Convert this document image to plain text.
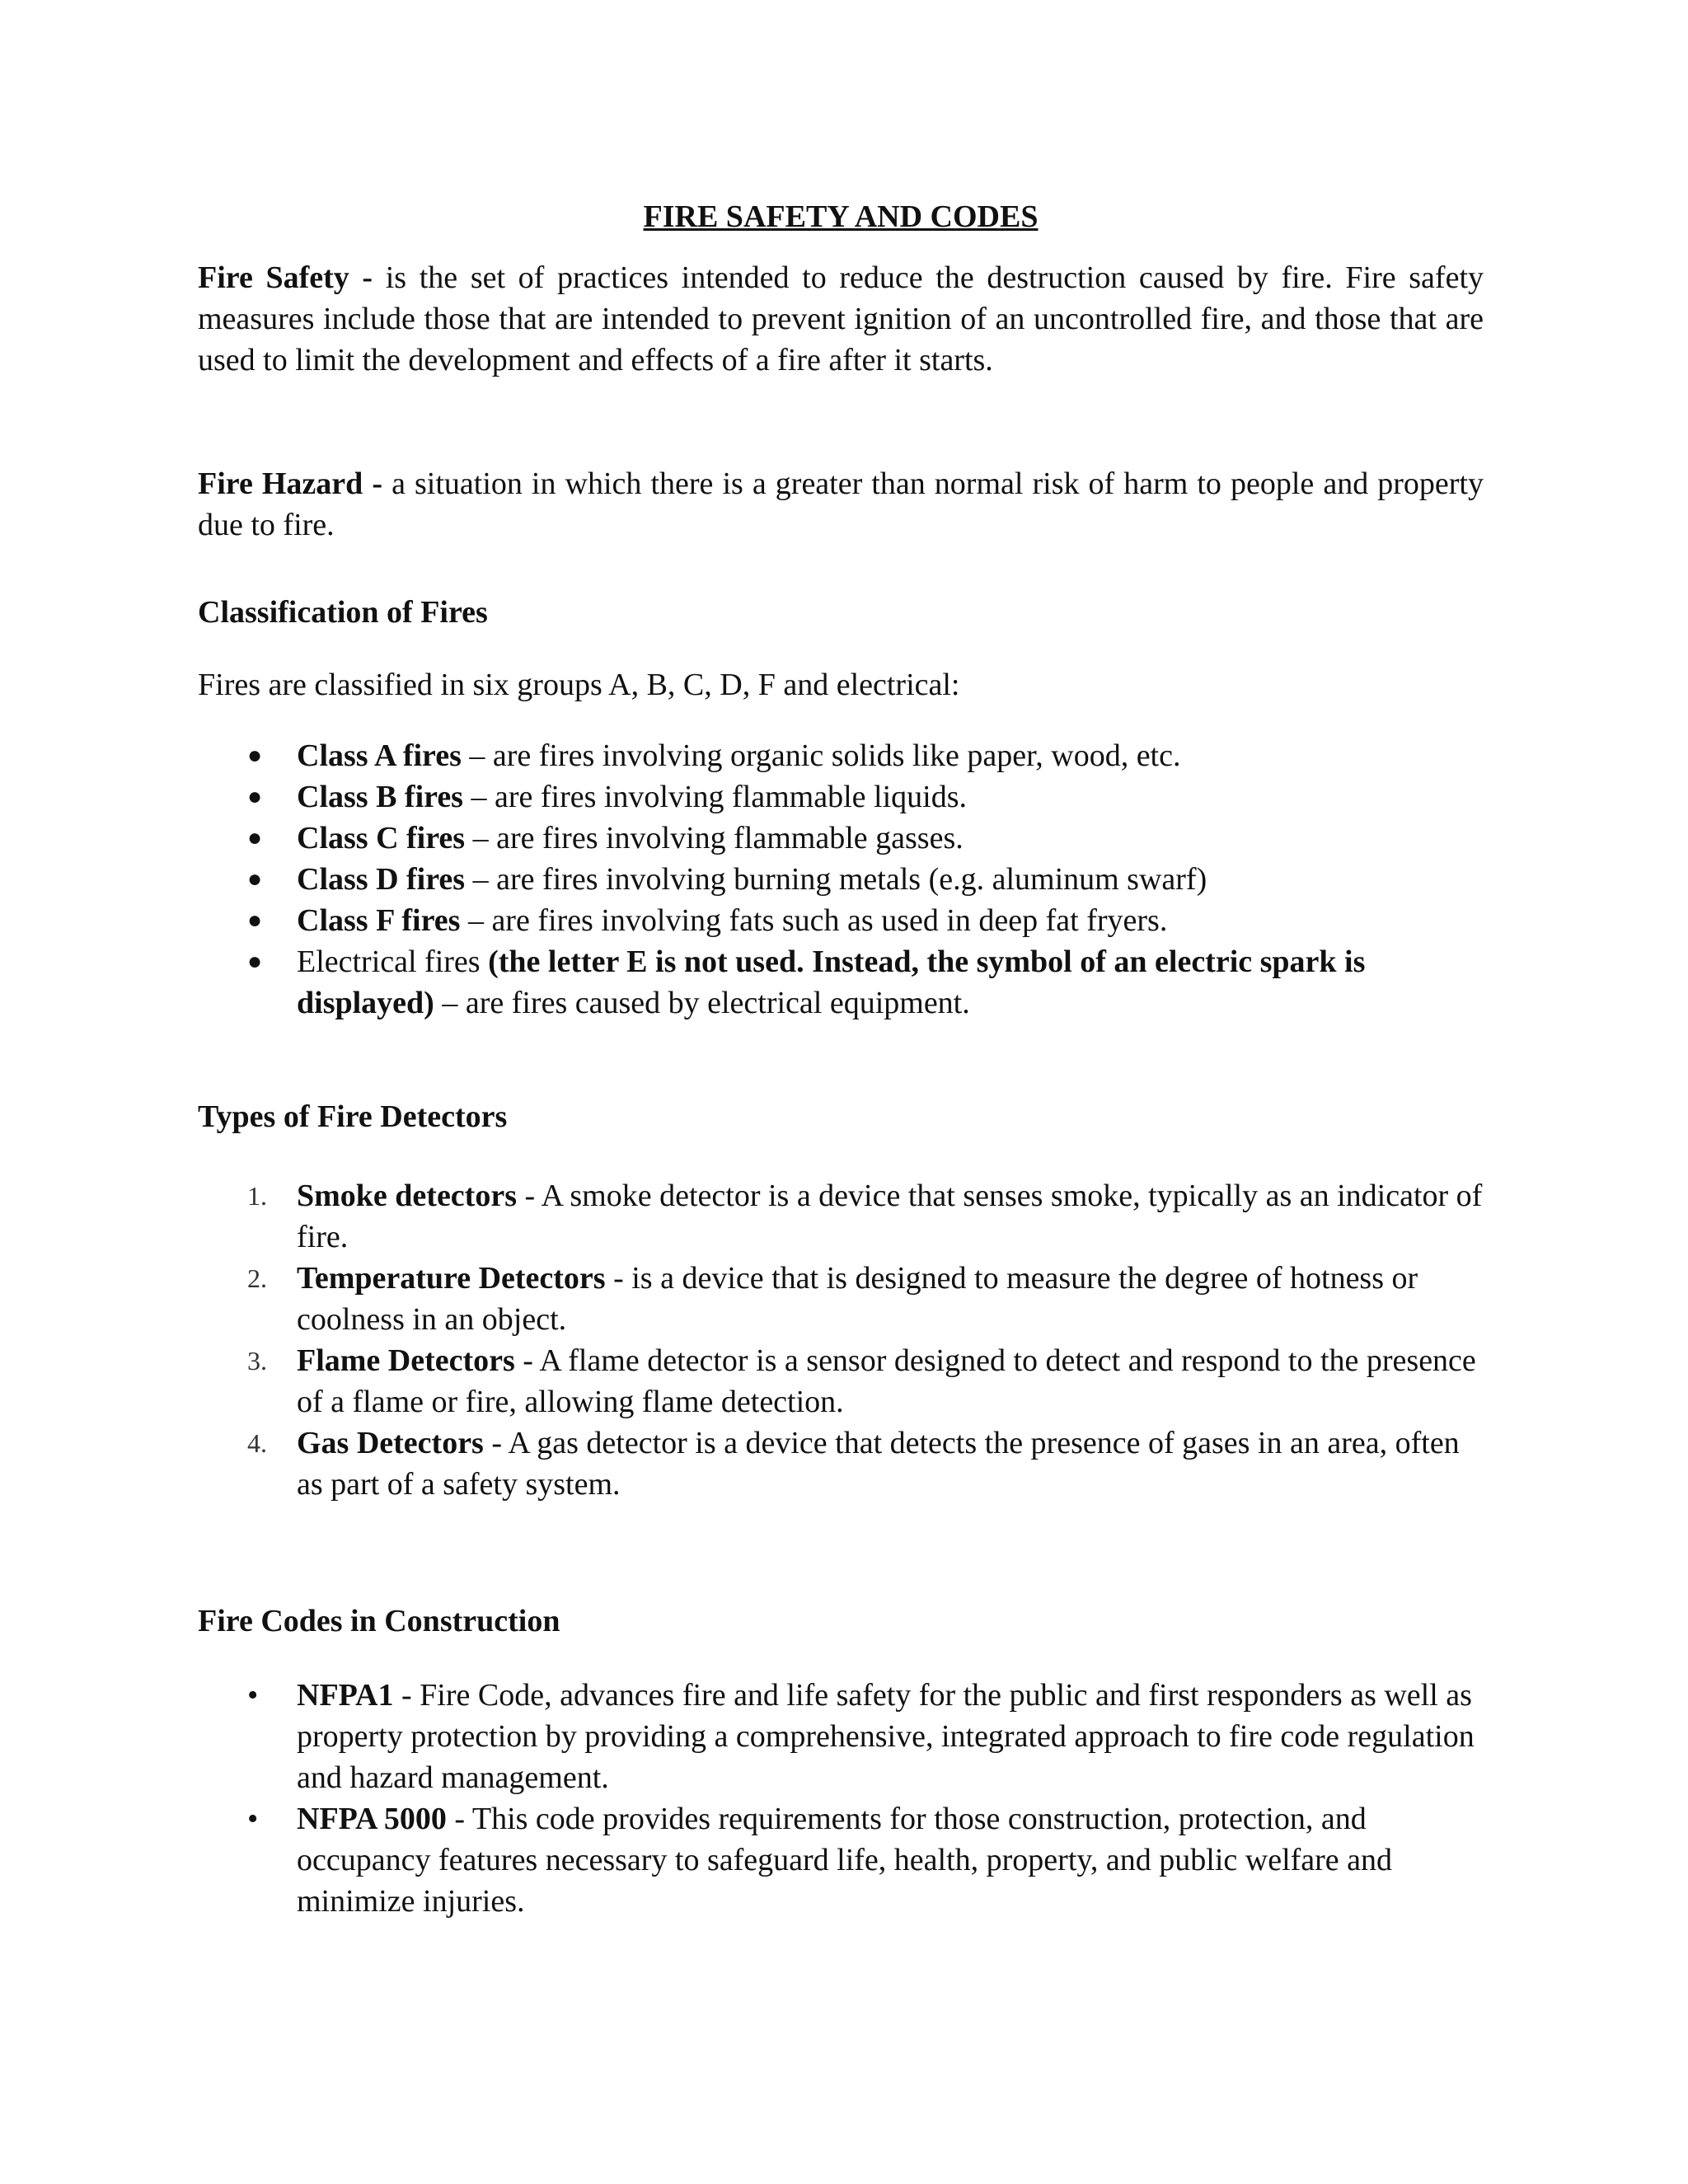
FIRE SAFETY AND CODES

Fire Safety - is the set of practices intended to reduce the destruction caused by fire. Fire safety measures include those that are intended to prevent ignition of an uncontrolled fire, and those that are used to limit the development and effects of a fire after it starts.

Fire Hazard - a situation in which there is a greater than normal risk of harm to people and property due to fire.

Classification of Fires

Fires are classified in six groups A, B, C, D, F and electrical:

●	Class A fires – are fires involving organic solids like paper, wood, etc.
●	Class B fires – are fires involving flammable liquids.
●	Class C fires – are fires involving flammable gasses.
●	Class D fires – are fires involving burning metals (e.g. aluminum swarf)
●	Class F fires – are fires involving fats such as used in deep fat fryers.
●	Electrical fires (the letter E is not used. Instead, the symbol of an electric spark is displayed) – are fires caused by electrical equipment.

Types of Fire Detectors

1. Smoke detectors - A smoke detector is a device that senses smoke, typically as an indicator of fire.
2. Temperature Detectors - is a device that is designed to measure the degree of hotness or coolness in an object.
3. Flame Detectors - A flame detector is a sensor designed to detect and respond to the presence of a flame or fire, allowing flame detection.
4. Gas Detectors - A gas detector is a device that detects the presence of gases in an area, often as part of a safety system.

Fire Codes in Construction

•	NFPA1 - Fire Code, advances fire and life safety for the public and first responders as well as property protection by providing a comprehensive, integrated approach to fire code regulation and hazard management.
•	NFPA 5000 - This code provides requirements for those construction, protection, and occupancy features necessary to safeguard life, health, property, and public welfare and minimize injuries.
